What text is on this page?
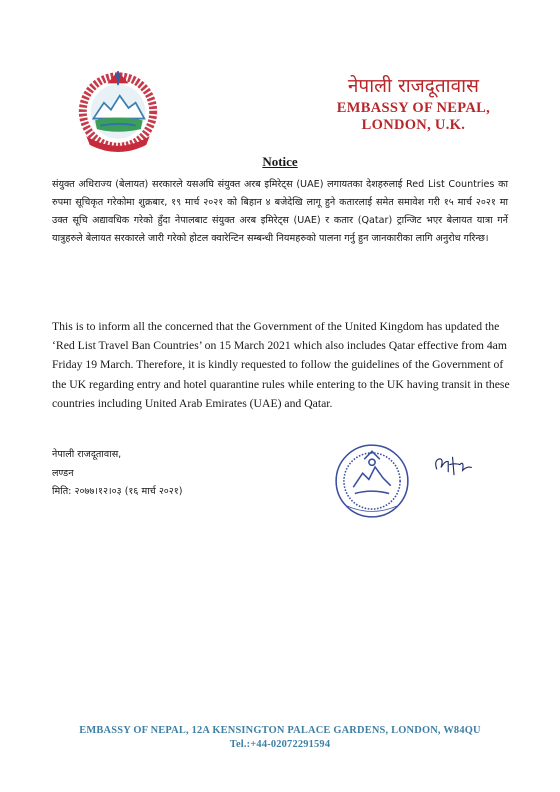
नेपाली राजदूतावास
EMBASSY OF NEPAL,
LONDON, U.K.
Notice
संयुक्त अधिराज्य (बेलायत) सरकारले यसअघि संयुक्त अरब इमिरेट्स (UAE) लगायतका देशहरुलाई Red List Countries का रुपमा सूचिकृत गरेकोमा शुक्रबार, १९ मार्च २०२१ को बिहान ४ बजेदेखि लागू हुने कतारलाई समेत समावेश गरी १५ मार्च २०२१ मा उक्त सूचि अद्यावधिक गरेको हुँदा नेपालबाट संयुक्त अरब इमिरेट्स (UAE) र कतार (Qatar) ट्रान्जिट भएर बेलायत यात्रा गर्ने यात्रुहरुले बेलायत सरकारले जारी गरेको होटल क्वारेन्टिन सम्बन्धी नियमहरुको पालना गर्नु हुन जानकारीका लागि अनुरोध गरिन्छ।
This is to inform all the concerned that the Government of the United Kingdom has updated the ‘Red List Travel Ban Countries’ on 15 March 2021 which also includes Qatar effective from 4am Friday 19 March. Therefore, it is kindly requested to follow the guidelines of the Government of the UK regarding entry and hotel quarantine rules while entering to the UK having transit in these countries including United Arab Emirates (UAE) and Qatar.
नेपाली राजदूतावास,
लण्डन
मिति: २०७७।१२।०३ (१६ मार्च २०२१)
EMBASSY OF NEPAL, 12A KENSINGTON PALACE GARDENS, LONDON, W84QU
Tel.:+44-02072291594
